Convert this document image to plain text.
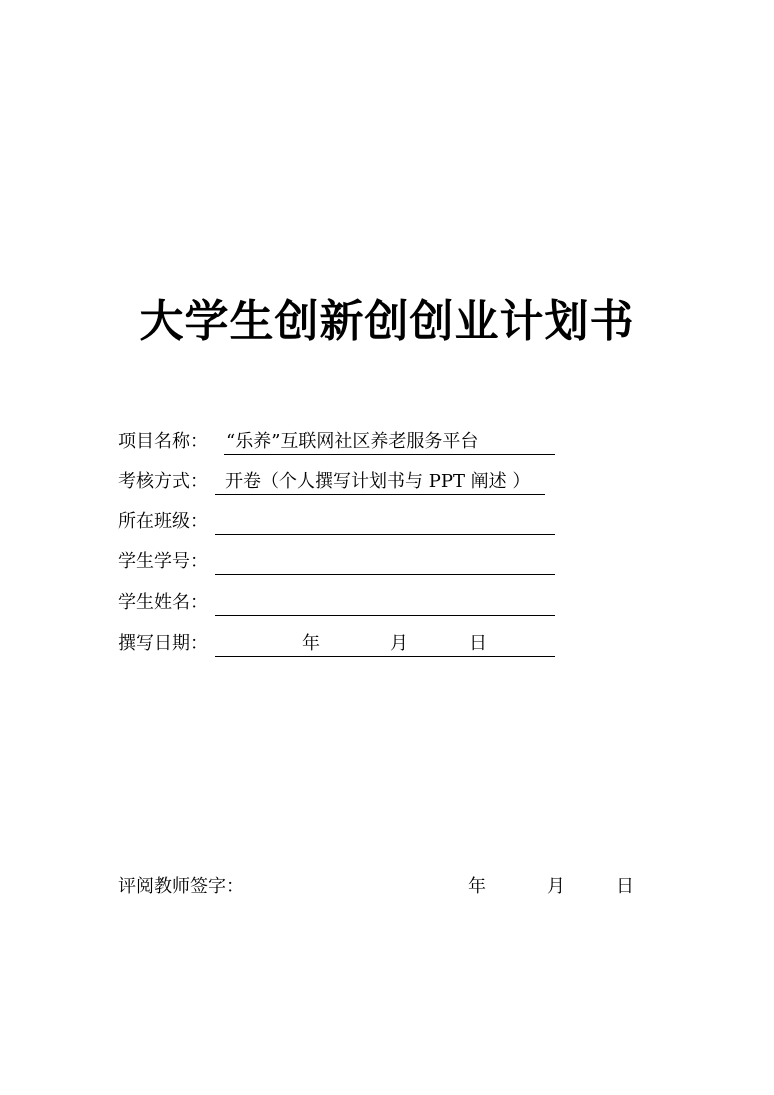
大学生创新创创业计划书
项目名称： “乐养”互联网社区养老服务平台
考核方式： 开卷（个人撰写计划书与 PPT 阐述 ）
所在班级：
学生学号：
学生姓名：
撰写日期：	年	月	日
评阅教师签字：	年	月	日
